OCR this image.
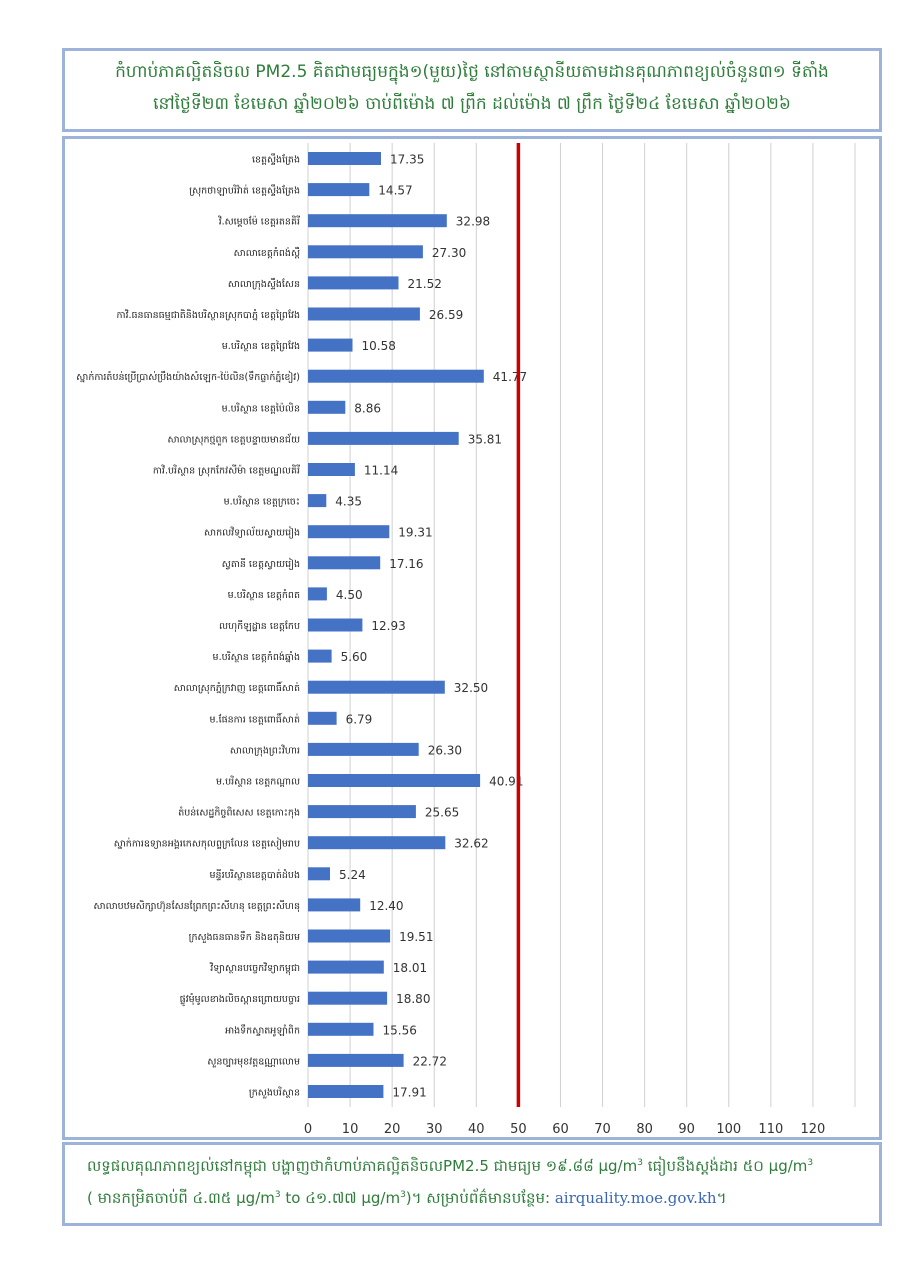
កំហាប់ភាគល្អិតនិចល PM2.5 គិតជាមធ្យមក្នុង១(មួយ)ថ្ងៃ នៅតាមស្ថានីយតាមដានគុណភាពខ្យល់ចំនួន៣១ ទីតាំង
នៅថ្ងៃទី២៣ ខែមេសា ឆ្នាំ២០២៦ ចាប់ពីម៉ោង ៧ ព្រឹក ដល់ម៉ោង ៧ ព្រឹក ថ្ងៃទី២៤ ខែមេសា ឆ្នាំ២០២៦
0 10 20 30 40 50 60 70 80 90 100 110 120
ខេត្តស្ទឹងត្រែង	17.35
ស្រុកថាឡាបរិវ៉ាត់ ខេត្តស្ទឹងត្រែង	14.57
វិ.សម្តេចម៉ែ ខេត្តរតនគិរី	32.98
សាលាខេត្តកំពង់ស្ពឺ	27.30
សាលាក្រុងស្ទឹងសែន	21.52
កាវិ.ធនធានធម្មជាតិនិងបរិស្ថានស្រុកបាភ្នំ ខេត្តព្រៃវែង	26.59
ម.បរិស្ថាន ខេត្តព្រៃវែង	10.58
ស្នាក់ការតំបន់ប្រើប្រាស់ប្រឹងយ៉ាងសំឡេក-ប៉ៃលិន(ទឹកធ្លាក់ភ្នំខៀវ)	41.77
ម.បរិស្ថាន ខេត្តប៉ៃលិន	8.86
សាលាស្រុកថ្មពួក ខេត្តបន្ទាយមានជ័យ	35.81
កាវិ.បរិស្ថាន ស្រុកកែវសីម៉ា ខេត្តមណ្ឌលគិរី	11.14
ម.បរិស្ថាន ខេត្តក្រចេះ	4.35
សាកលវិទ្យាល័យស្វាយរៀង	19.31
ស្វតានី ខេត្តស្វាយរៀង	17.16
ម.បរិស្ថាន ខេត្តកំពត	4.50
លហុកីឡដ្ឋាន ខេត្តកែប	12.93
ម.បរិស្ថាន ខេត្តកំពង់ឆ្នាំង	5.60
សាលាស្រុកភ្នំក្រវាញ ខេត្តពោធិ៍សាត់	32.50
ម.ផែនការ ខេត្តពោធិ៍សាត់	6.79
សាលាក្រុងព្រះវិហារ	26.30
ម.បរិស្ថាន ខេត្តកណ្ដាល	40.91
តំបន់សេដ្ឋកិច្ចពិសេស ខេត្តកោះកុង	25.65
ស្នាក់ការឧទ្យានអង្គរកេសកុលព្ទក្រលែន ខេត្តសៀមរាប	32.62
មន្ទីរបរិស្ថានខេត្តបាត់ដំបង	5.24
សាលាបឋមសិក្សាហ៊ុនសែនព្រែកព្រះសីហនុ ខេត្តព្រះសីហនុ	12.40
ក្រសួងធនធានទឹក និងឧតុនិយម	19.51
វិទ្យាស្ថានបច្ចេកវិទ្យាកម្ពុជា	18.01
ផ្លូវមុំមូលខាងលិចស្ពានព្រោយបច្ចារ	18.80
អាងទឹកស្ទាតអូឡាំពិក	15.56
សួនច្បារមុខវត្តឧណ្ណាលោម	22.72
ក្រសួងបរិស្ថាន	17.91
លទ្ធផលគុណភាពខ្យល់នៅកម្ពុជា បង្ហាញថាកំហាប់ភាគល្អិតនិចលPM2.5 ជាមធ្យម ១៩.៨៨ $\mu g/m^3$ ធៀបនឹងស្តង់ដារ ៥០ $\mu g/m^3$
( មានកម្រិតចាប់ពី ៤.៣៥ $\mu g/m^3$ to ៤១.៧៧ $\mu g/m^3$)។ សម្រាប់ព័ត៌មានបន្ថែម: airquality.moe.gov.kh។
